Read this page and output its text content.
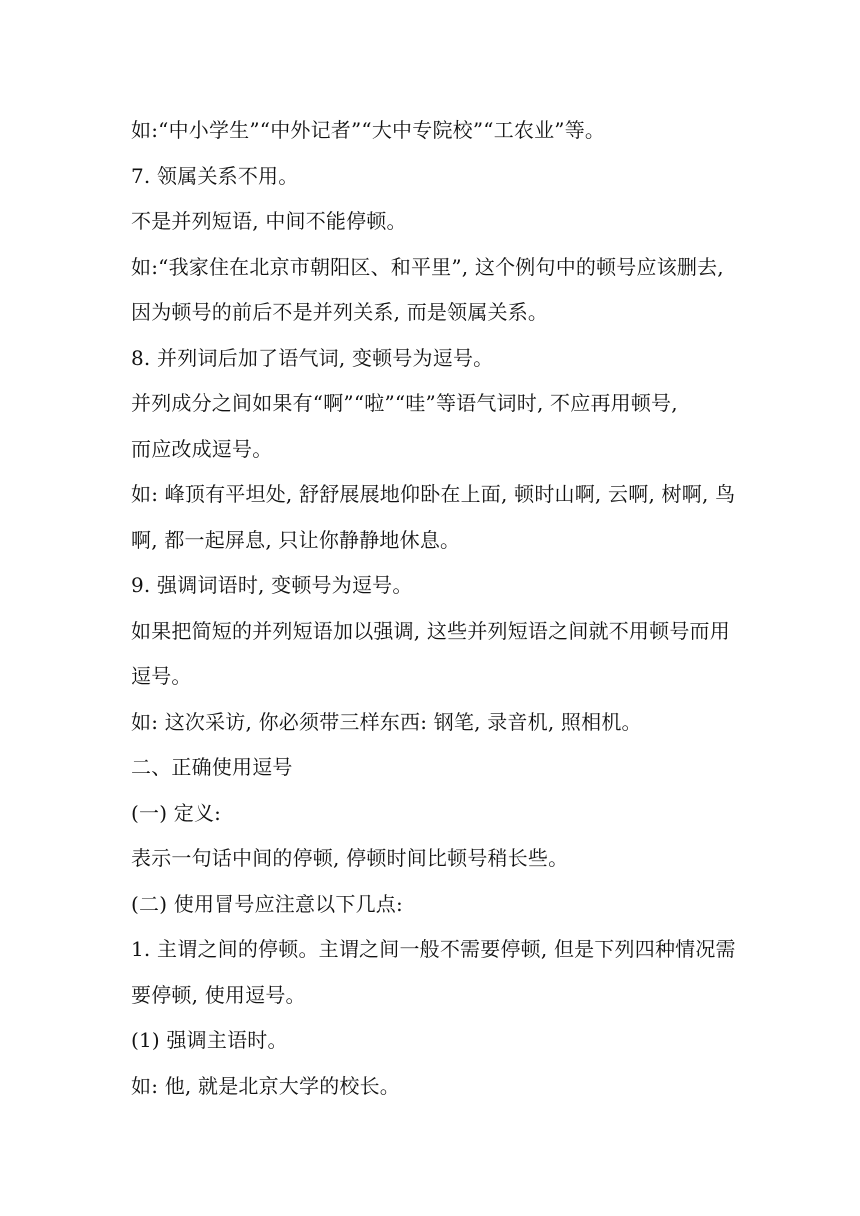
如:“中小学生”“中外记者”“大中专院校”“工农业”等。
7. 领属关系不用。
不是并列短语, 中间不能停顿。
如:“我家住在北京市朝阳区、和平里”, 这个例句中的顿号应该删去,
因为顿号的前后不是并列关系, 而是领属关系。
8. 并列词后加了语气词, 变顿号为逗号。
并列成分之间如果有“啊”“啦”“哇”等语气词时, 不应再用顿号,
而应改成逗号。
如: 峰顶有平坦处, 舒舒展展地仰卧在上面, 顿时山啊, 云啊, 树啊, 鸟
啊, 都一起屏息, 只让你静静地休息。
9. 强调词语时, 变顿号为逗号。
如果把简短的并列短语加以强调, 这些并列短语之间就不用顿号而用
逗号。
如: 这次采访, 你必须带三样东西: 钢笔, 录音机, 照相机。
二、正确使用逗号
(一) 定义:
表示一句话中间的停顿, 停顿时间比顿号稍长些。
(二) 使用冒号应注意以下几点:
1. 主谓之间的停顿。主谓之间一般不需要停顿, 但是下列四种情况需
要停顿, 使用逗号。
(1) 强调主语时。
如: 他, 就是北京大学的校长。
